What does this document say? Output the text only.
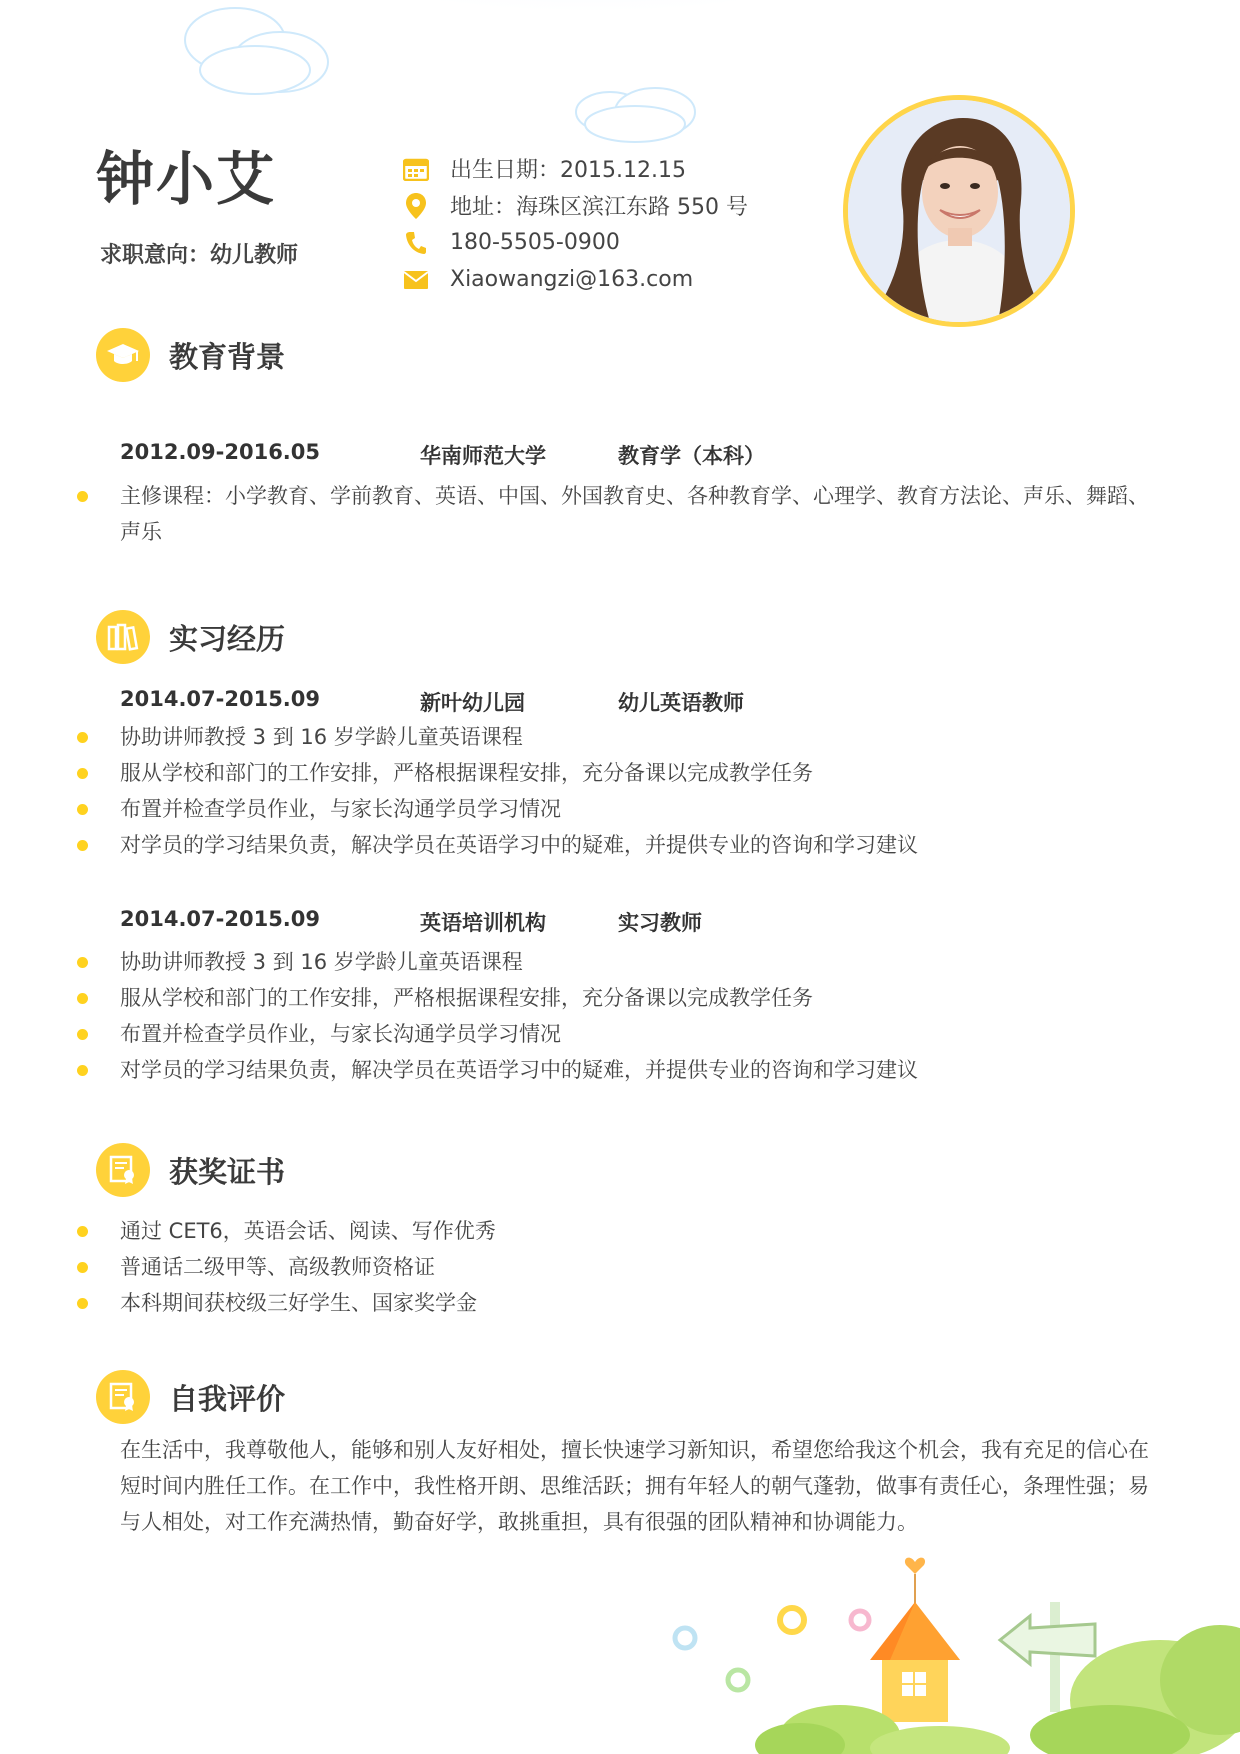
钟小艾
求职意向：幼儿教师
出生日期：2015.12.15
地址：海珠区滨江东路 550 号
180-5505-0900
Xiaowangzi@163.com
教育背景
2012.09-2016.05	华南师范大学	教育学（本科）
主修课程：小学教育、学前教育、英语、中国、外国教育史、各种教育学、心理学、教育方法论、声乐、舞蹈、声乐
实习经历
2014.07-2015.09	新叶幼儿园	幼儿英语教师
协助讲师教授 3 到 16 岁学龄儿童英语课程
服从学校和部门的工作安排，严格根据课程安排，充分备课以完成教学任务
布置并检查学员作业，与家长沟通学员学习情况
对学员的学习结果负责，解决学员在英语学习中的疑难，并提供专业的咨询和学习建议
2014.07-2015.09	英语培训机构	实习教师
协助讲师教授 3 到 16 岁学龄儿童英语课程
服从学校和部门的工作安排，严格根据课程安排，充分备课以完成教学任务
布置并检查学员作业，与家长沟通学员学习情况
对学员的学习结果负责，解决学员在英语学习中的疑难，并提供专业的咨询和学习建议
获奖证书
通过 CET6，英语会话、阅读、写作优秀
普通话二级甲等、高级教师资格证
本科期间获校级三好学生、国家奖学金
自我评价
在生活中，我尊敬他人，能够和别人友好相处，擅长快速学习新知识，希望您给我这个机会，我有充足的信心在短时间内胜任工作。在工作中，我性格开朗、思维活跃；拥有年轻人的朝气蓬勃，做事有责任心，条理性强；易与人相处，对工作充满热情，勤奋好学，敢挑重担，具有很强的团队精神和协调能力。
